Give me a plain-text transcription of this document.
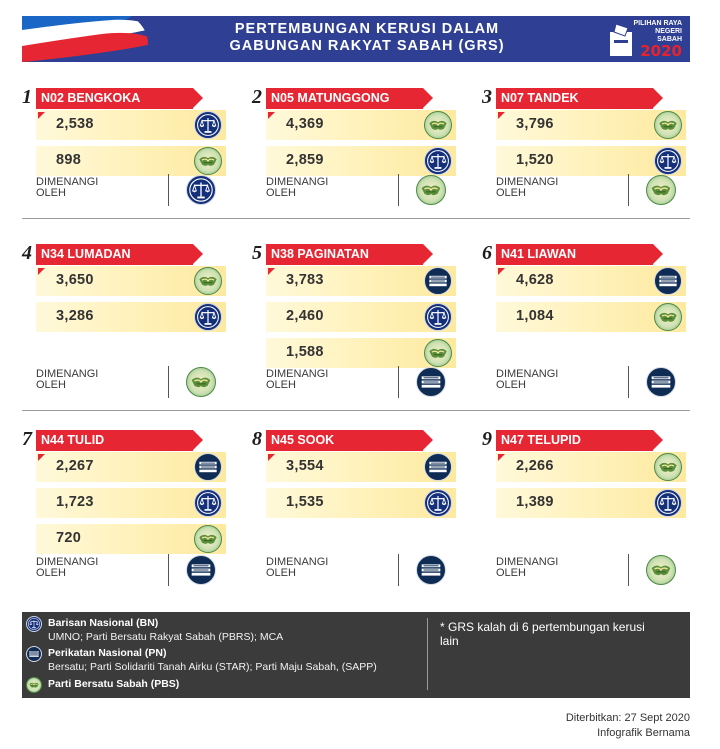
PERTEMBUNGAN KERUSI DALAM
GABUNGAN RAKYAT SABAH (GRS)
PILIHAN RAYA
NEGERI
SABAH
2020
1 N02 BENGKOKA
2,538
898
DIMENANGI
OLEH
2 N05 MATUNGGONG
4,369
2,859
DIMENANGI
OLEH
3 N07 TANDEK
3,796
1,520
DIMENANGI
OLEH
4 N34 LUMADAN
3,650
3,286
DIMENANGI
OLEH
5 N38 PAGINATAN
3,783
2,460
1,588
DIMENANGI
OLEH
6 N41 LIAWAN
4,628
1,084
DIMENANGI
OLEH
7 N44 TULID
2,267
1,723
720
DIMENANGI
OLEH
8 N45 SOOK
3,554
1,535
DIMENANGI
OLEH
9 N47 TELUPID
2,266
1,389
DIMENANGI
OLEH
Barisan Nasional (BN)
UMNO; Parti Bersatu Rakyat Sabah (PBRS); MCA
Perikatan Nasional (PN)
Bersatu; Parti Solidariti Tanah Airku (STAR); Parti Maju Sabah, (SAPP)
Parti Bersatu Sabah (PBS)
* GRS kalah di 6 pertembungan kerusi lain
Diterbitkan: 27 Sept 2020
Infografik Bernama
